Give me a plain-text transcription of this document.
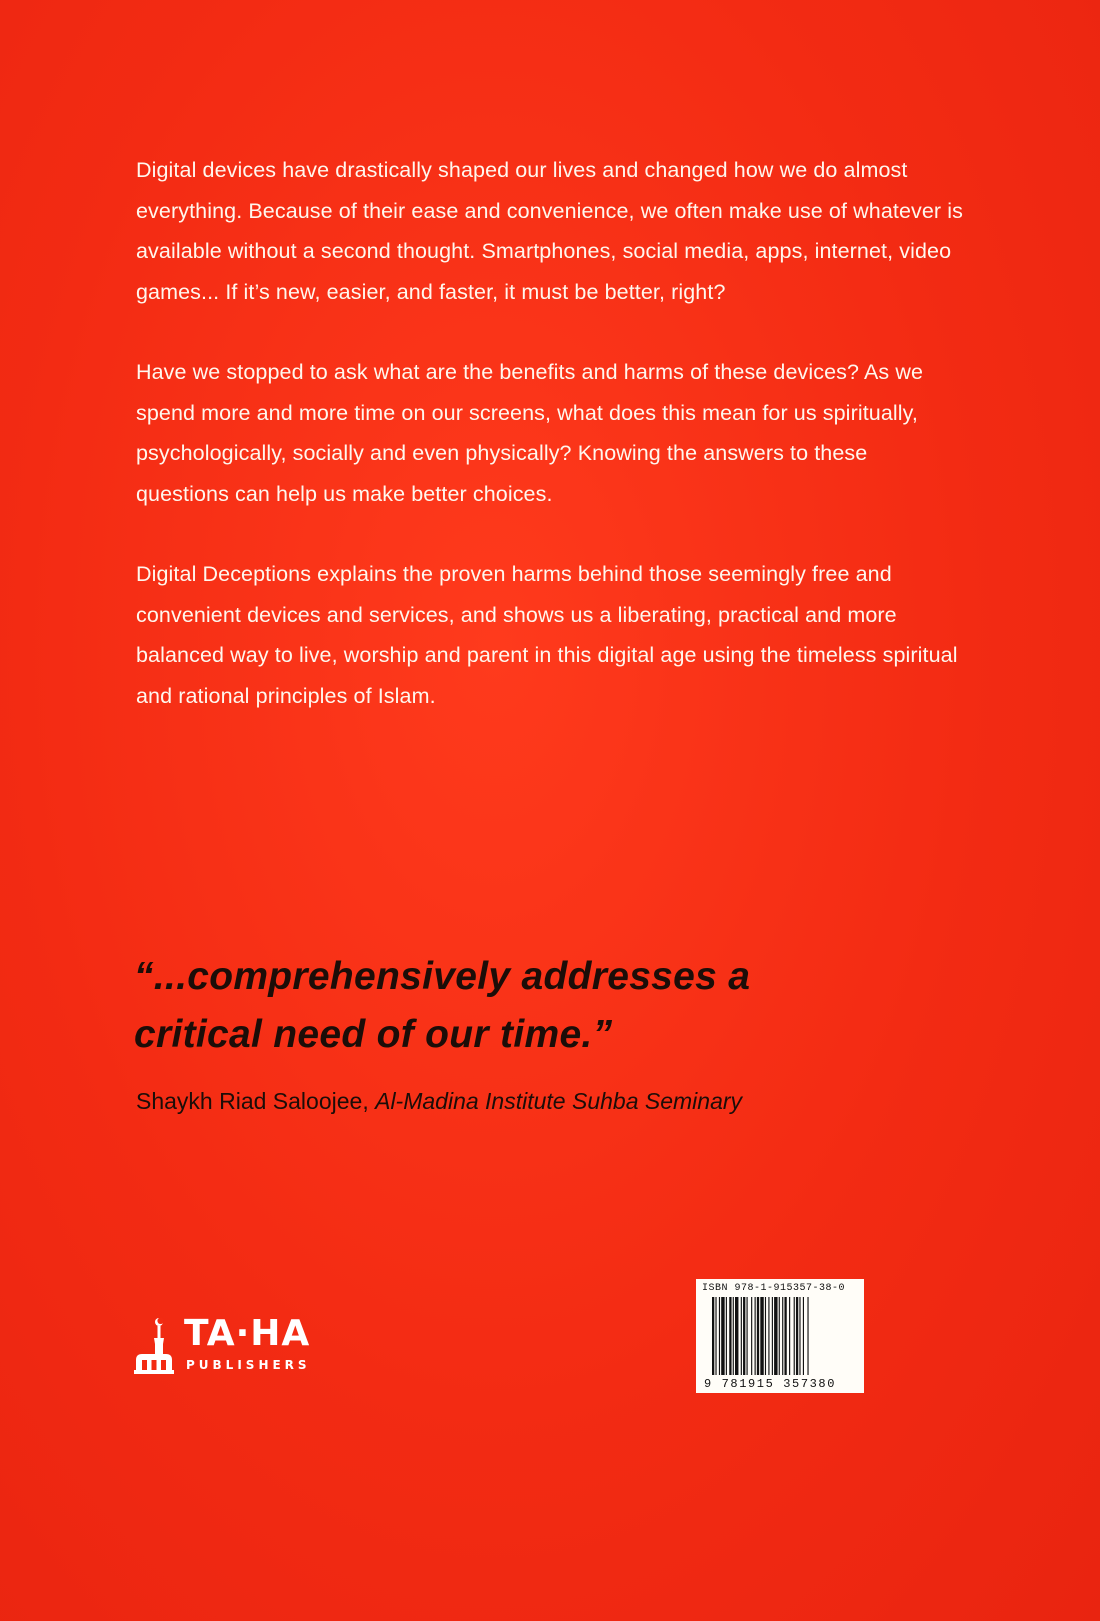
Digital devices have drastically shaped our lives and changed how we do almost everything. Because of their ease and convenience, we often make use of whatever is available without a second thought. Smartphones, social media, apps, internet, video games... If it’s new, easier, and faster, it must be better, right?

Have we stopped to ask what are the benefits and harms of these devices? As we spend more and more time on our screens, what does this mean for us spiritually, psychologically, socially and even physically? Knowing the answers to these questions can help us make better choices.

Digital Deceptions explains the proven harms behind those seemingly free and convenient devices and services, and shows us a liberating, practical and more balanced way to live, worship and parent in this digital age using the timeless spiritual and rational principles of Islam.

“...comprehensively addresses a
critical need of our time.”
Shaykh Riad Saloojee, Al-Madina Institute Suhba Seminary
TA·HA
PUBLISHERS
ISBN 978-1-915357-38-0
9 781915 357380
